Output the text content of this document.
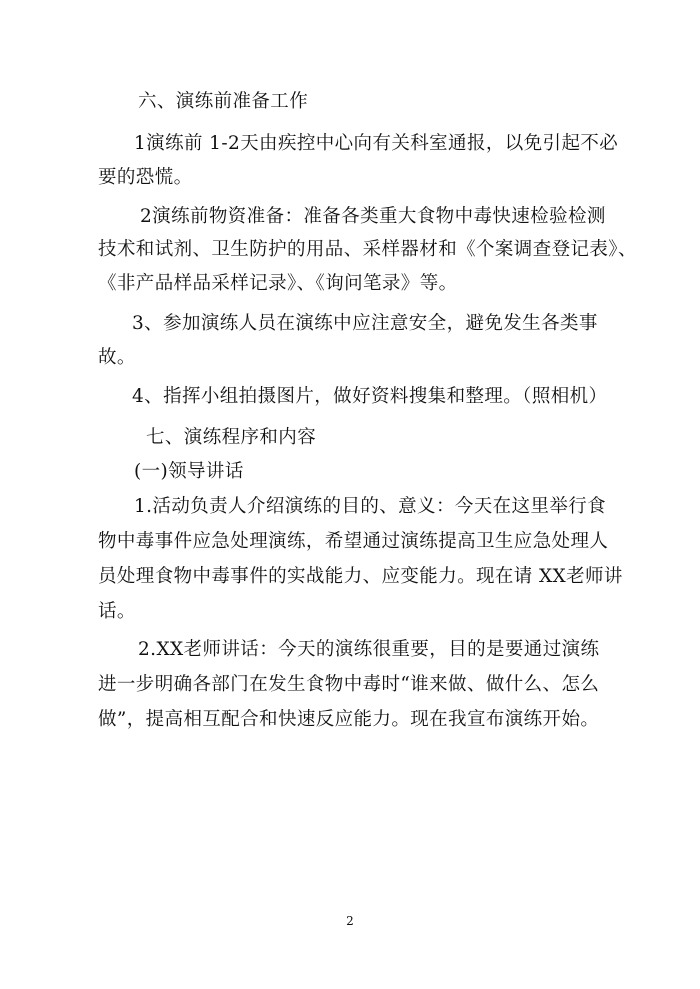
六、演练前准备工作
1演练前 1-2天由疾控中心向有关科室通报，以免引起不必
要的恐慌。
2演练前物资准备：准备各类重大食物中毒快速检验检测
技术和试剂、卫生防护的用品、采样器材和《个案调查登记表》、
《非产品样品采样记录》、《询问笔录》等。
3、参加演练人员在演练中应注意安全，避免发生各类事
故。
4、指挥小组拍摄图片，做好资料搜集和整理。（照相机）
七、演练程序和内容
(一)领导讲话
1.活动负责人介绍演练的目的、意义：今天在这里举行食
物中毒事件应急处理演练，希望通过演练提高卫生应急处理人
员处理食物中毒事件的实战能力、应变能力。现在请 XX老师讲
话。
2.XX老师讲话：今天的演练很重要，目的是要通过演练
进一步明确各部门在发生食物中毒时“谁来做、做什么、怎么
做”，提高相互配合和快速反应能力。现在我宣布演练开始。
2
